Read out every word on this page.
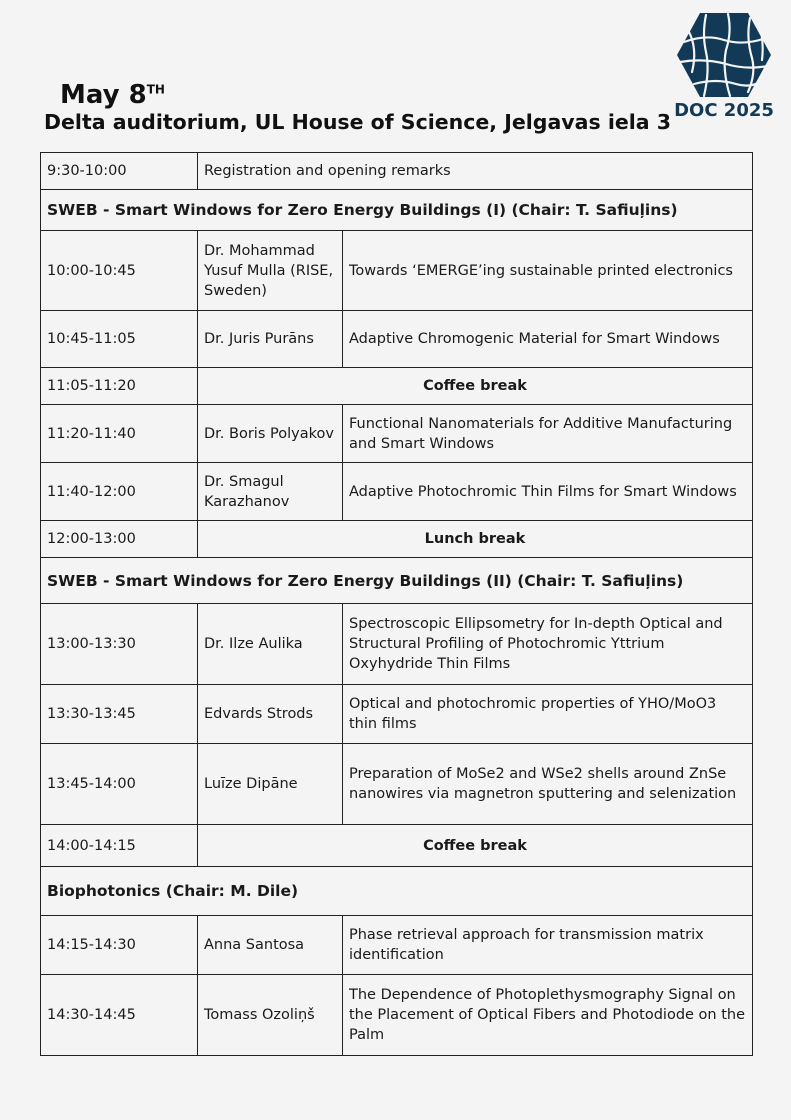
May 8TH
Delta auditorium, UL House of Science, Jelgavas iela 3 DOC 2025
9:30-10:00	Registration and opening remarks	
SWEB - Smart Windows for Zero Energy Buildings (I) (Chair: T. Safiuļins)		
10:00-10:45	Dr. Mohammad Yusuf Mulla (RISE, Sweden)	Towards ‘EMERGE’ing sustainable printed electronics
10:45-11:05	Dr. Juris Purāns	Adaptive Chromogenic Material for Smart Windows
11:05-11:20	Coffee break	
11:20-11:40	Dr. Boris Polyakov	Functional Nanomaterials for Additive Manufacturing and Smart Windows
11:40-12:00	Dr. Smagul Karazhanov	Adaptive Photochromic Thin Films for Smart Windows
12:00-13:00	Lunch break	
SWEB - Smart Windows for Zero Energy Buildings (II) (Chair: T. Safiuļins)		
13:00-13:30	Dr. Ilze Aulika	Spectroscopic Ellipsometry for In-depth Optical and Structural Profiling of Photochromic Yttrium Oxyhydride Thin Films
13:30-13:45	Edvards Strods	Optical and photochromic properties of YHO/MoO3 thin films
13:45-14:00	Luīze Dipāne	Preparation of MoSe2 and WSe2 shells around ZnSe nanowires via magnetron sputtering and selenization
14:00-14:15	Coffee break	
Biophotonics (Chair: M. Dile)		
14:15-14:30	Anna Santosa	Phase retrieval approach for transmission matrix identification
14:30-14:45	Tomass Ozoliņš	The Dependence of Photoplethysmography Signal on the Placement of Optical Fibers and Photodiode on the Palm
